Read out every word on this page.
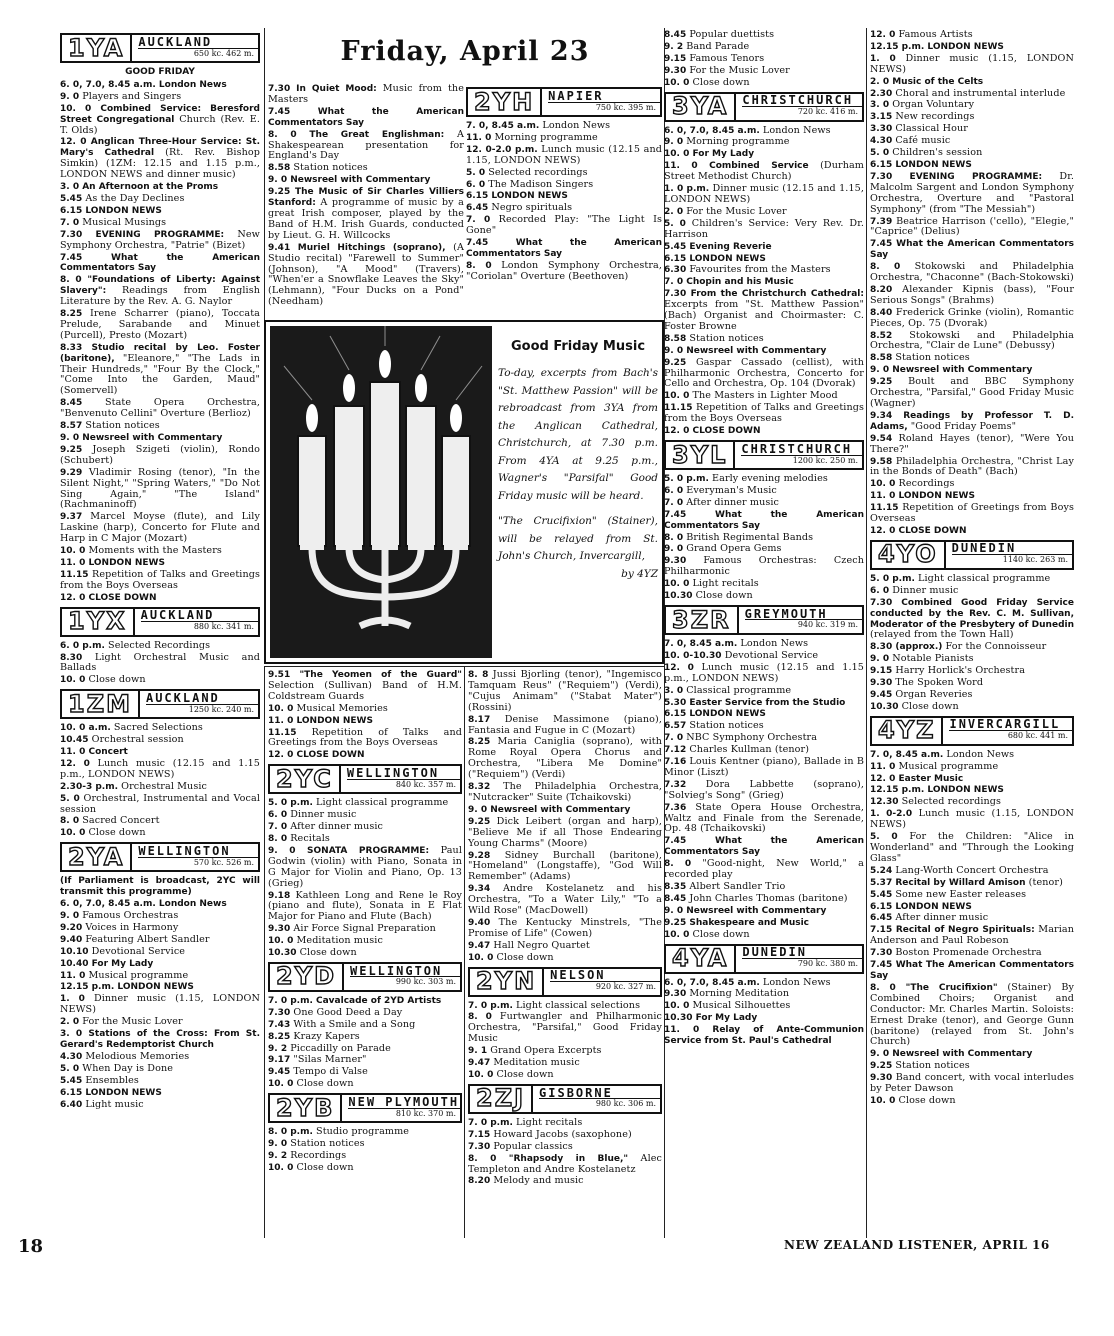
Friday, April 23
1YA	AUCKLAND
650 kc. 462 m.
GOOD FRIDAY
6. 0, 7.0, 8.45 a.m. London News
9. 0 Players and Singers
10. 0 Combined Service: Beresford Street Congregational Church (Rev. E. T. Olds)
12. 0 Anglican Three-Hour Service: St. Mary's Cathedral (Rt. Rev. Bishop Simkin) (1ZM: 12.15 and 1.15 p.m., LONDON NEWS and dinner music)
3. 0 An Afternoon at the Proms
5.45 As the Day Declines
6.15 LONDON NEWS
7. 0 Musical Musings
7.30 EVENING PROGRAMME: New Symphony Orchestra, "Patrie" (Bizet)
7.45 What the American Commentators Say
8. 0 "Foundations of Liberty: Against Slavery": Readings from English Literature by the Rev. A. G. Naylor
8.25 Irene Scharrer (piano), Toccata Prelude, Sarabande and Minuet (Purcell), Presto (Mozart)
8.33 Studio recital by Leo. Foster (baritone), "Eleanore," "The Lads in Their Hundreds," "Four By the Clock," "Come Into the Garden, Maud" (Somervell)
8.45 State Opera Orchestra, "Benvenuto Cellini" Overture (Berlioz)
8.57 Station notices
9. 0 Newsreel with Commentary
9.25 Joseph Szigeti (violin), Rondo (Schubert)
9.29 Vladimir Rosing (tenor), "In the Silent Night," "Spring Waters," "Do Not Sing Again," "The Island" (Rachmaninoff)
9.37 Marcel Moyse (flute), and Lily Laskine (harp), Concerto for Flute and Harp in C Major (Mozart)
10. 0 Moments with the Masters
11. 0 LONDON NEWS
11.15 Repetition of Talks and Greetings from the Boys Overseas
12. 0 CLOSE DOWN
1YX	AUCKLAND
880 kc. 341 m.
6. 0 p.m. Selected Recordings
8.30 Light Orchestral Music and Ballads
10. 0 Close down
1ZM	AUCKLAND
1250 kc. 240 m.
10. 0 a.m. Sacred Selections
10.45 Orchestral session
11. 0 Concert
12. 0 Lunch music (12.15 and 1.15 p.m., LONDON NEWS)
2.30-3 p.m. Orchestral Music
5. 0 Orchestral, Instrumental and Vocal session
8. 0 Sacred Concert
10. 0 Close down
2YA	WELLINGTON
570 kc. 526 m.
(If Parliament is broadcast, 2YC will transmit this programme)
6. 0, 7.0, 8.45 a.m. London News
9. 0 Famous Orchestras
9.20 Voices in Harmony
9.40 Featuring Albert Sandler
10.10 Devotional Service
10.40 For My Lady
11. 0 Musical programme
12.15 p.m. LONDON NEWS
1. 0 Dinner music (1.15, LONDON NEWS)
2. 0 For the Music Lover
3. 0 Stations of the Cross: From St. Gerard's Redemptorist Church
4.30 Melodious Memories
5. 0 When Day is Done
5.45 Ensembles
6.15 LONDON NEWS
6.40 Light music
7.30 In Quiet Mood: Music from the Masters
7.45 What the American Commentators Say
8. 0 The Great Englishman: A Shakespearean presentation for England's Day
8.58 Station notices
9. 0 Newsreel with Commentary
9.25 The Music of Sir Charles Villiers Stanford: A programme of music by a great Irish composer, played by the Band of H.M. Irish Guards, conducted by Lieut. G. H. Willcocks
9.41 Muriel Hitchings (soprano), (A Studio recital) "Farewell to Summer" (Johnson), "A Mood" (Travers), "When'er a Snowflake Leaves the Sky" (Lehmann), "Four Ducks on a Pond" (Needham)
2YH	NAPIER
750 kc. 395 m.
7. 0, 8.45 a.m. London News
11. 0 Morning programme
12. 0-2.0 p.m. Lunch music (12.15 and 1.15, LONDON NEWS)
5. 0 Selected recordings
6. 0 The Madison Singers
6.15 LONDON NEWS
6.45 Negro spirituals
7. 0 Recorded Play: "The Light Is Gone"
7.45 What the American Commentators Say
8. 0 London Symphony Orchestra, "Coriolan" Overture (Beethoven)
8.45 Popular duettists
9. 2 Band Parade
9.15 Famous Tenors
9.30 For the Music Lover
10. 0 Close down
3YA	CHRISTCHURCH
720 kc. 416 m.
6. 0, 7.0, 8.45 a.m. London News
9. 0 Morning programme
10. 0 For My Lady
11. 0 Combined Service (Durham Street Methodist Church)
1. 0 p.m. Dinner music (12.15 and 1.15, LONDON NEWS)
2. 0 For the Music Lover
5. 0 Children's Service: Very Rev. Dr. Harrison
5.45 Evening Reverie
6.15 LONDON NEWS
6.30 Favourites from the Masters
7. 0 Chopin and his Music
7.30 From the Christchurch Cathedral: Excerpts from "St. Matthew Passion" (Bach) Organist and Choirmaster: C. Foster Browne
8.58 Station notices
9. 0 Newsreel with Commentary
9.25 Gaspar Cassado (cellist), with Philharmonic Orchestra, Concerto for Cello and Orchestra, Op. 104 (Dvorak)
10. 0 The Masters in Lighter Mood
11.15 Repetition of Talks and Greetings from the Boys Overseas
12. 0 CLOSE DOWN
3YL	CHRISTCHURCH
1200 kc. 250 m.
5. 0 p.m. Early evening melodies
6. 0 Everyman's Music
7. 0 After dinner music
7.45 What the American Commentators Say
8. 0 British Regimental Bands
9. 0 Grand Opera Gems
9.30 Famous Orchestras: Czech Philharmonic
10. 0 Light recitals
10.30 Close down
3ZR	GREYMOUTH
940 kc. 319 m.
7. 0, 8.45 a.m. London News
10. 0-10.30 Devotional Service
12. 0 Lunch music (12.15 and 1.15 p.m., LONDON NEWS)
3. 0 Classical programme
5.30 Easter Service from the Studio
6.15 LONDON NEWS
6.57 Station notices
7. 0 NBC Symphony Orchestra
7.12 Charles Kullman (tenor)
7.16 Louis Kentner (piano), Ballade in B Minor (Liszt)
7.32 Dora Labbette (soprano), "Solvieg's Song" (Grieg)
7.36 State Opera House Orchestra, Waltz and Finale from the Serenade, Op. 48 (Tchaikovski)
7.45 What the American Commentators Say
8. 0 "Good-night, New World," a recorded play
8.35 Albert Sandler Trio
8.45 John Charles Thomas (baritone)
9. 0 Newsreel with Commentary
9.25 Shakespeare and Music
10. 0 Close down
4YA	DUNEDIN
790 kc. 380 m.
6. 0, 7.0, 8.45 a.m. London News
9.30 Morning Meditation
10. 0 Musical Silhouettes
10.30 For My Lady
11. 0 Relay of Ante-Communion Service from St. Paul's Cathedral
12. 0 Famous Artists
12.15 p.m. LONDON NEWS
1. 0 Dinner music (1.15, LONDON NEWS)
2. 0 Music of the Celts
2.30 Choral and instrumental interlude
3. 0 Organ Voluntary
3.15 New recordings
3.30 Classical Hour
4.30 Café music
5. 0 Children's session
6.15 LONDON NEWS
7.30 EVENING PROGRAMME: Dr. Malcolm Sargent and London Symphony Orchestra, Overture and "Pastoral Symphony" (from "The Messiah")
7.39 Beatrice Harrison ('cello), "Elegie," "Caprice" (Delius)
7.45 What the American Commentators Say
8. 0 Stokowski and Philadelphia Orchestra, "Chaconne" (Bach-Stokowski)
8.20 Alexander Kipnis (bass), "Four Serious Songs" (Brahms)
8.40 Frederick Grinke (violin), Romantic Pieces, Op. 75 (Dvorak)
8.52 Stokowski and Philadelphia Orchestra, "Clair de Lune" (Debussy)
8.58 Station notices
9. 0 Newsreel with Commentary
9.25 Boult and BBC Symphony Orchestra, "Parsifal," Good Friday Music (Wagner)
9.34 Readings by Professor T. D. Adams, "Good Friday Poems"
9.54 Roland Hayes (tenor), "Were You There?"
9.58 Philadelphia Orchestra, "Christ Lay in the Bonds of Death" (Bach)
10. 0 Recordings
11. 0 LONDON NEWS
11.15 Repetition of Greetings from Boys Overseas
12. 0 CLOSE DOWN
4YO	DUNEDIN
1140 kc. 263 m.
5. 0 p.m. Light classical programme
6. 0 Dinner music
7.30 Combined Good Friday Service conducted by the Rev. C. M. Sullivan, Moderator of the Presbytery of Dunedin (relayed from the Town Hall)
8.30 (approx.) For the Connoisseur
9. 0 Notable Pianists
9.15 Harry Horlick's Orchestra
9.30 The Spoken Word
9.45 Organ Reveries
10.30 Close down
4YZ	INVERCARGILL
680 kc. 441 m.
7. 0, 8.45 a.m. London News
11. 0 Musical programme
12. 0 Easter Music
12.15 p.m. LONDON NEWS
12.30 Selected recordings
1. 0-2.0 Lunch music (1.15, LONDON NEWS)
5. 0 For the Children: "Alice in Wonderland" and "Through the Looking Glass"
5.24 Lang-Worth Concert Orchestra
5.37 Recital by Willard Amison (tenor)
5.45 Some new Easter releases
6.15 LONDON NEWS
6.45 After dinner music
7.15 Recital of Negro Spirituals: Marian Anderson and Paul Robeson
7.30 Boston Promenade Orchestra
7.45 What The American Commentators Say
8. 0 "The Crucifixion" (Stainer) By Combined Choirs; Organist and Conductor: Mr. Charles Martin. Soloists: Ernest Drake (tenor), and George Gunn (baritone) (relayed from St. John's Church)
9. 0 Newsreel with Commentary
9.25 Station notices
9.30 Band concert, with vocal interludes by Peter Dawson
10. 0 Close down
Good Friday Music
To-day, excerpts from Bach's "St. Matthew Passion" will be rebroadcast from 3YA from the Anglican Cathedral, Christchurch, at 7.30 p.m. From 4YA at 9.25 p.m., Wagner's "Parsifal" Good Friday music will be heard.
"The Crucifixion" (Stainer), will be relayed from St. John's Church, Invercargill,
by 4YZ
18	NEW ZEALAND LISTENER, APRIL 16
9.51 "The Yeomen of the Guard" Selection (Sullivan) Band of H.M. Coldstream Guards
10. 0 Musical Memories
11. 0 LONDON NEWS
11.15 Repetition of Talks and Greetings from the Boys Overseas
12. 0 CLOSE DOWN
2YC	WELLINGTON
840 kc. 357 m.
5. 0 p.m. Light classical programme
6. 0 Dinner music
7. 0 After dinner music
8. 0 Recitals
9. 0 SONATA PROGRAMME: Paul Godwin (violin) with Piano, Sonata in G Major for Violin and Piano, Op. 13 (Grieg)
9.18 Kathleen Long and Rene le Roy (piano and flute), Sonata in E Flat Major for Piano and Flute (Bach)
9.30 Air Force Signal Preparation
10. 0 Meditation music
10.30 Close down
2YD	WELLINGTON
990 kc. 303 m.
7. 0 p.m. Cavalcade of 2YD Artists
7.30 One Good Deed a Day
7.43 With a Smile and a Song
8.25 Krazy Kapers
9. 2 Piccadilly on Parade
9.17 "Silas Marner"
9.45 Tempo di Valse
10. 0 Close down
2YB	NEW PLYMOUTH
810 kc. 370 m.
8. 0 p.m. Studio programme
9. 0 Station notices
9. 2 Recordings
10. 0 Close down
8. 8 Jussi Bjorling (tenor), "Ingemisco Tamquam Reus" ("Requiem") (Verdi), "Cujus Animam" ("Stabat Mater") (Rossini)
8.17 Denise Massimone (piano), Fantasia and Fugue in C (Mozart)
8.25 Maria Caniglia (soprano), with Rome Royal Opera Chorus and Orchestra, "Libera Me Domine" ("Requiem") (Verdi)
8.32 The Philadelphia Orchestra, "Nutcracker" Suite (Tchaikovski)
9. 0 Newsreel with Commentary
9.25 Dick Leibert (organ and harp), "Believe Me if all Those Endearing Young Charms" (Moore)
9.28 Sidney Burchall (baritone), "Homeland" (Longstaffe), "God Will Remember" (Adams)
9.34 Andre Kostelanetz and his Orchestra, "To a Water Lily," "To a Wild Rose" (MacDowell)
9.40 The Kentucky Minstrels, "The Promise of Life" (Cowen)
9.47 Hall Negro Quartet
10. 0 Close down
2YN	NELSON
920 kc. 327 m.
7. 0 p.m. Light classical selections
8. 0 Furtwangler and Philharmonic Orchestra, "Parsifal," Good Friday Music
9. 1 Grand Opera Excerpts
9.47 Meditation music
10. 0 Close down
2ZJ	GISBORNE
980 kc. 306 m.
7. 0 p.m. Light recitals
7.15 Howard Jacobs (saxophone)
7.30 Popular classics
8. 0 "Rhapsody in Blue," Alec Templeton and Andre Kostelanetz
8.20 Melody and music
